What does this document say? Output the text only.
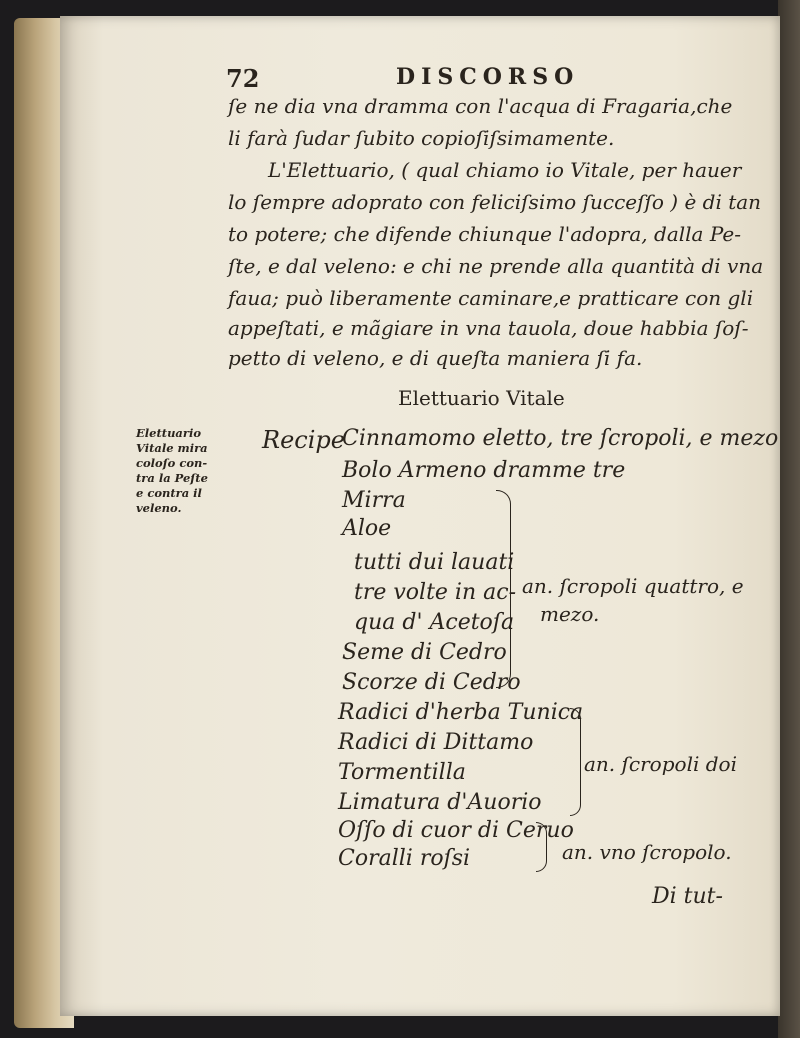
72	DISCORSO
ſe ne dia vna dramma con l'acqua di Fragaria,che
li farà ſudar ſubito copioſiſsimamente.
L'Elettuario, ( qual chiamo io Vitale, per hauer
lo ſempre adoprato con feliciſsimo ſucceſſo ) è di tan
to potere; che difende chiunque l'adopra, dalla Pe-
ſte, e dal veleno: e chi ne prende alla quantità di vna
faua; può liberamente caminare,e pratticare con gli
appeſtati, e mãgiare in vna tauola, doue habbia ſoſ-
petto di veleno, e di queſta maniera ſi fa.
Elettuario Vitale
Elettuario
Vitale mira
coloſo con-
tra la Peſte
e contra il
veleno.
Recipe
Cinnamomo eletto, tre ſcropoli, e mezo
Bolo Armeno dramme tre
Mirra
Aloe
tutti dui lauati
tre volte in ac-
qua d' Acetoſa
Seme di Cedro
Scorze di Cedro
Radici d'herba Tunica
Radici di Dittamo
Tormentilla
Limatura d'Auorio
Oſſo di cuor di Ceruo
Coralli roſsi
an. ſcropoli quattro, e
mezo.
an. ſcropoli doi
an. vno ſcropolo.
Di tut-
